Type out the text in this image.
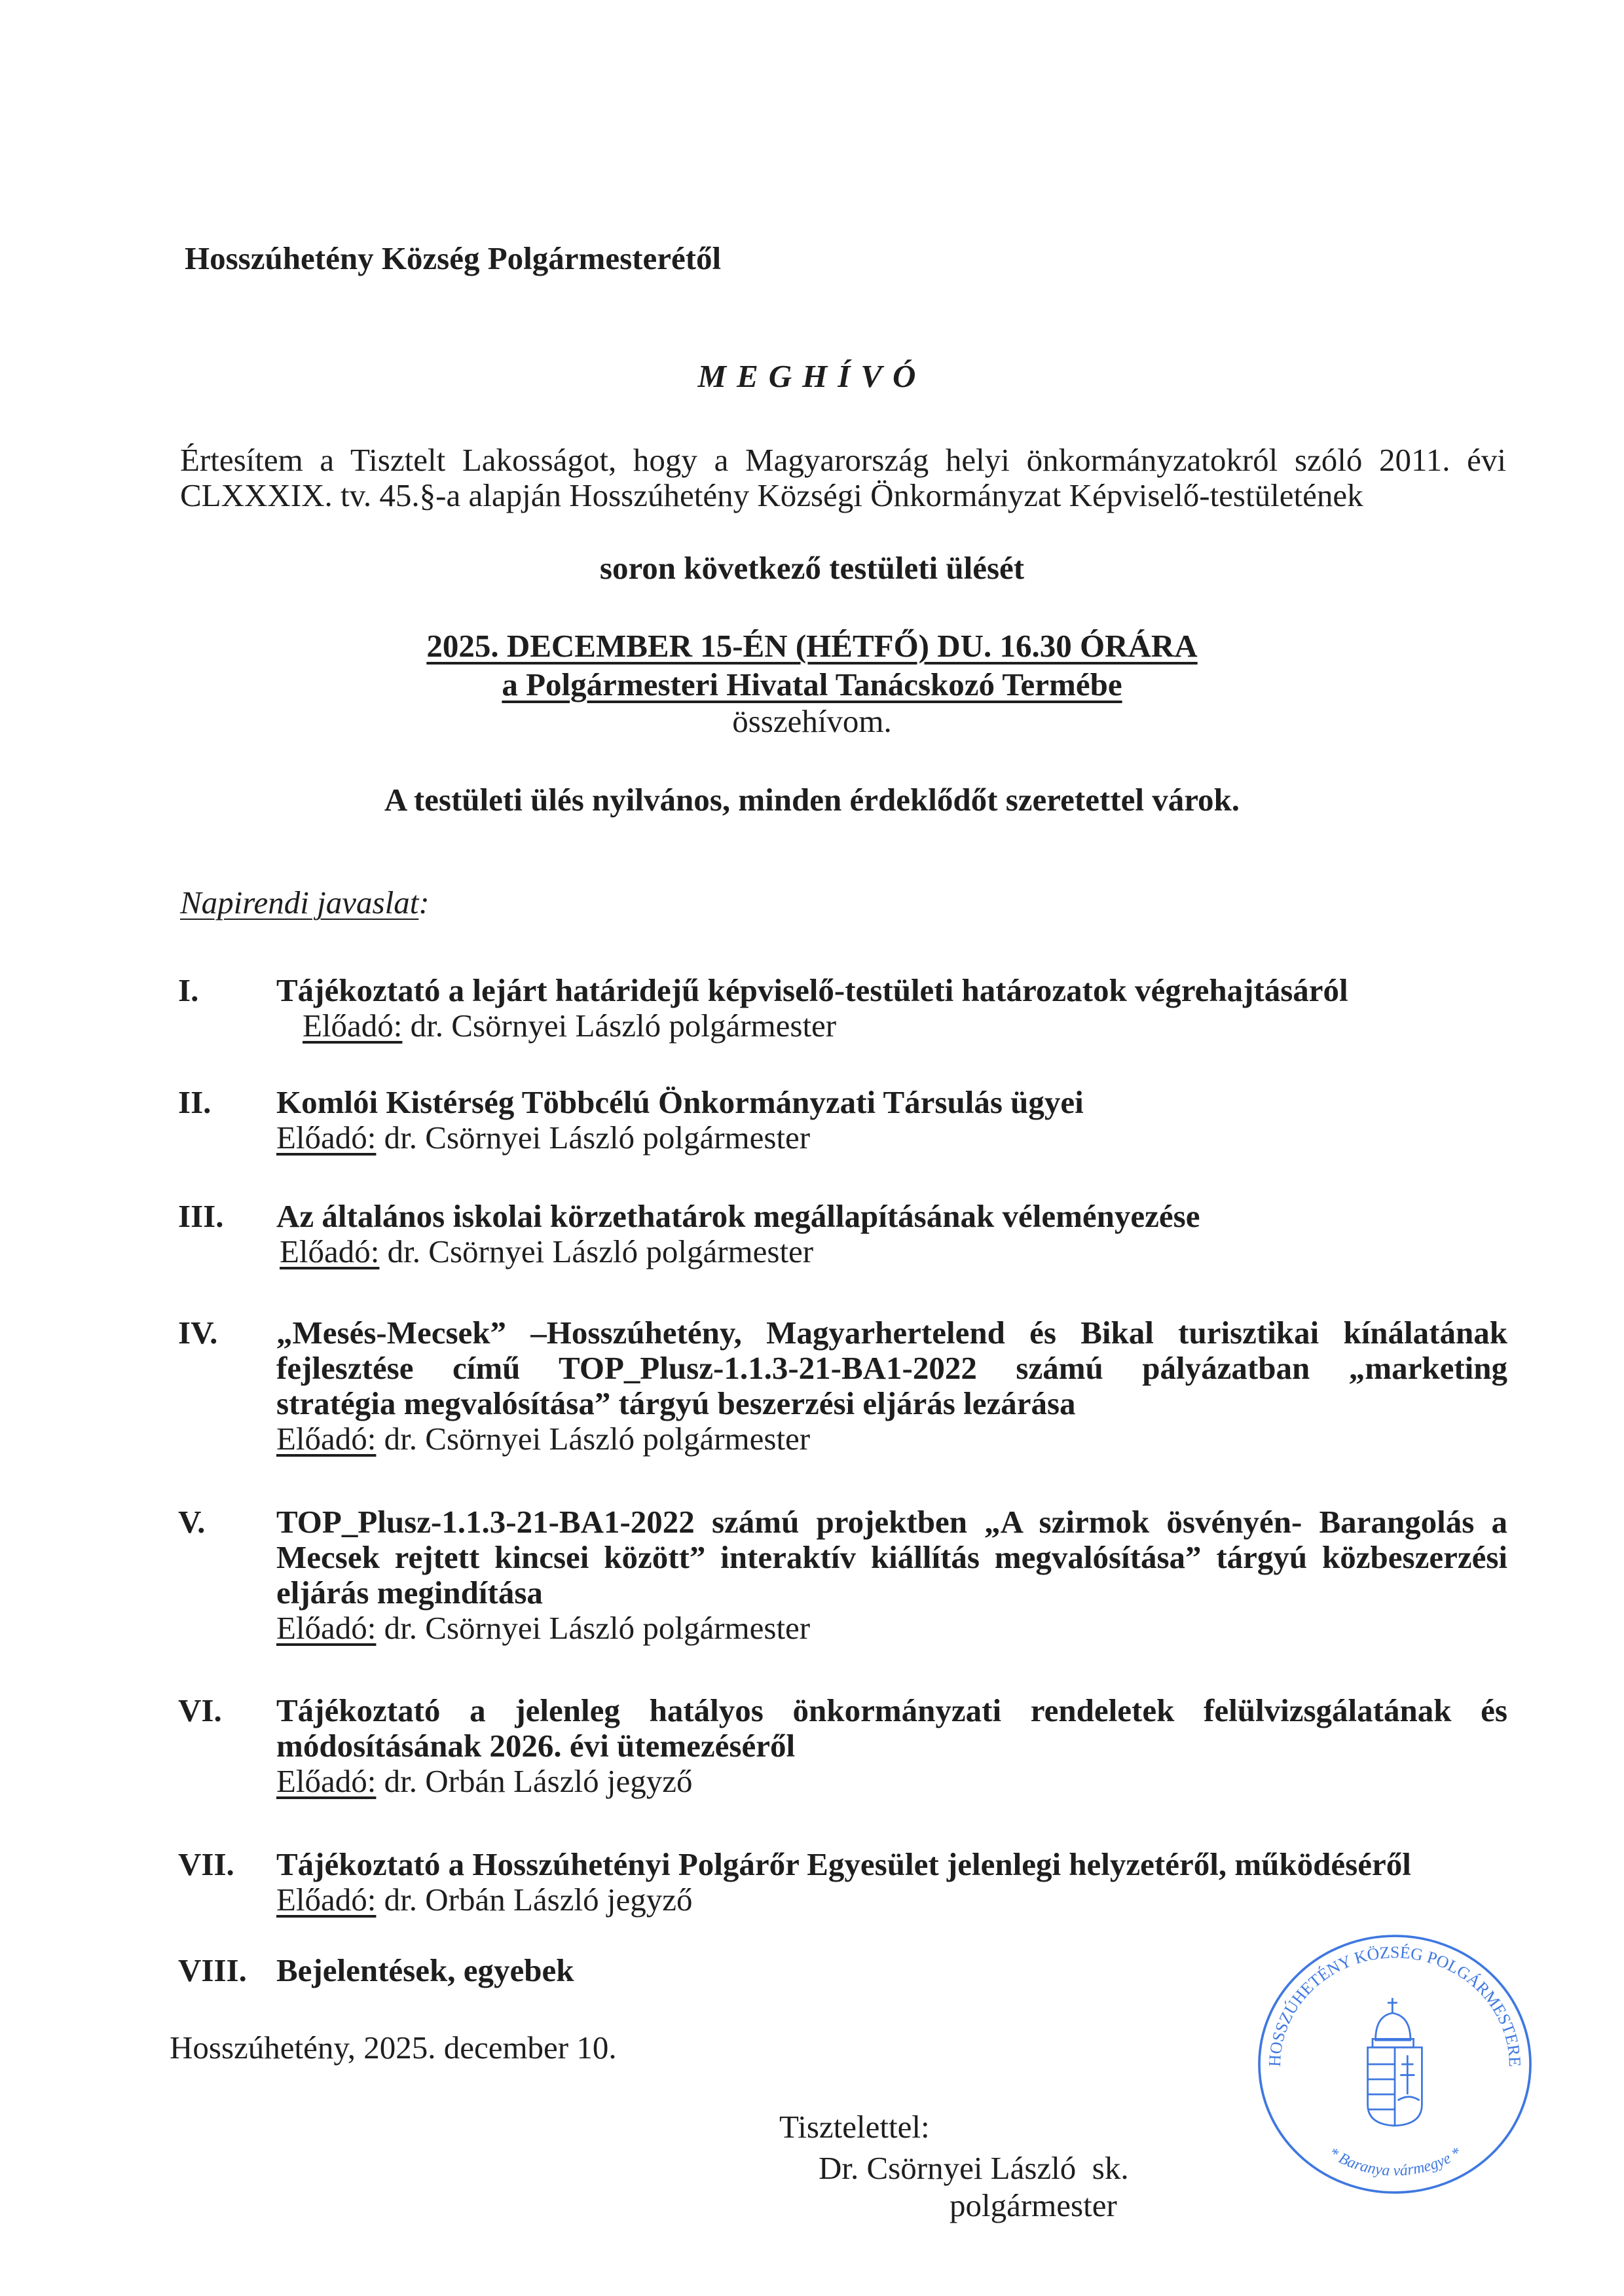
Hosszúhetény Község Polgármesterétől
MEGHÍVÓ
Értesítem a Tisztelt Lakosságot, hogy a Magyarország helyi önkormányzatokról szóló 2011. évi
CLXXXIX. tv. 45.§-a alapján Hosszúhetény Községi Önkormányzat Képviselő-testületének
soron következő testületi ülését
2025. DECEMBER 15-ÉN (HÉTFŐ) DU. 16.30 ÓRÁRA
a Polgármesteri Hivatal Tanácskozó Termébe
összehívom.
A testületi ülés nyilvános, minden érdeklődőt szeretettel várok.
Napirendi javaslat:
I.	Tájékoztató a lejárt határidejű képviselő-testületi határozatok végrehajtásáról
Előadó: dr. Csörnyei László polgármester
II.	Komlói Kistérség Többcélú Önkormányzati Társulás ügyei
Előadó: dr. Csörnyei László polgármester
III.	Az általános iskolai körzethatárok megállapításának véleményezése
Előadó: dr. Csörnyei László polgármester
IV.	„Mesés-Mecsek” –Hosszúhetény, Magyarhertelend és Bikal turisztikai kínálatának
fejlesztése című TOP_Plusz-1.1.3-21-BA1-2022 számú pályázatban „marketing
stratégia megvalósítása” tárgyú beszerzési eljárás lezárása
Előadó: dr. Csörnyei László polgármester
V.	TOP_Plusz-1.1.3-21-BA1-2022 számú projektben „A szirmok ösvényén- Barangolás a
Mecsek rejtett kincsei között” interaktív kiállítás megvalósítása” tárgyú közbeszerzési
eljárás megindítása
Előadó: dr. Csörnyei László polgármester
VI.	Tájékoztató a jelenleg hatályos önkormányzati rendeletek felülvizsgálatának és
módosításának 2026. évi ütemezéséről
Előadó: dr. Orbán László jegyző
VII.	Tájékoztató a Hosszúhetényi Polgárőr Egyesület jelenlegi helyzetéről, működéséről
Előadó: dr. Orbán László jegyző
VIII. Bejelentések, egyebek
Hosszúhetény, 2025. december 10.
Tisztelettel:
Dr. Csörnyei László  sk.
polgármester
HOSSZÚHETÉNY KÖZSÉG POLGÁRMESTERE
* Baranya vármegye *
